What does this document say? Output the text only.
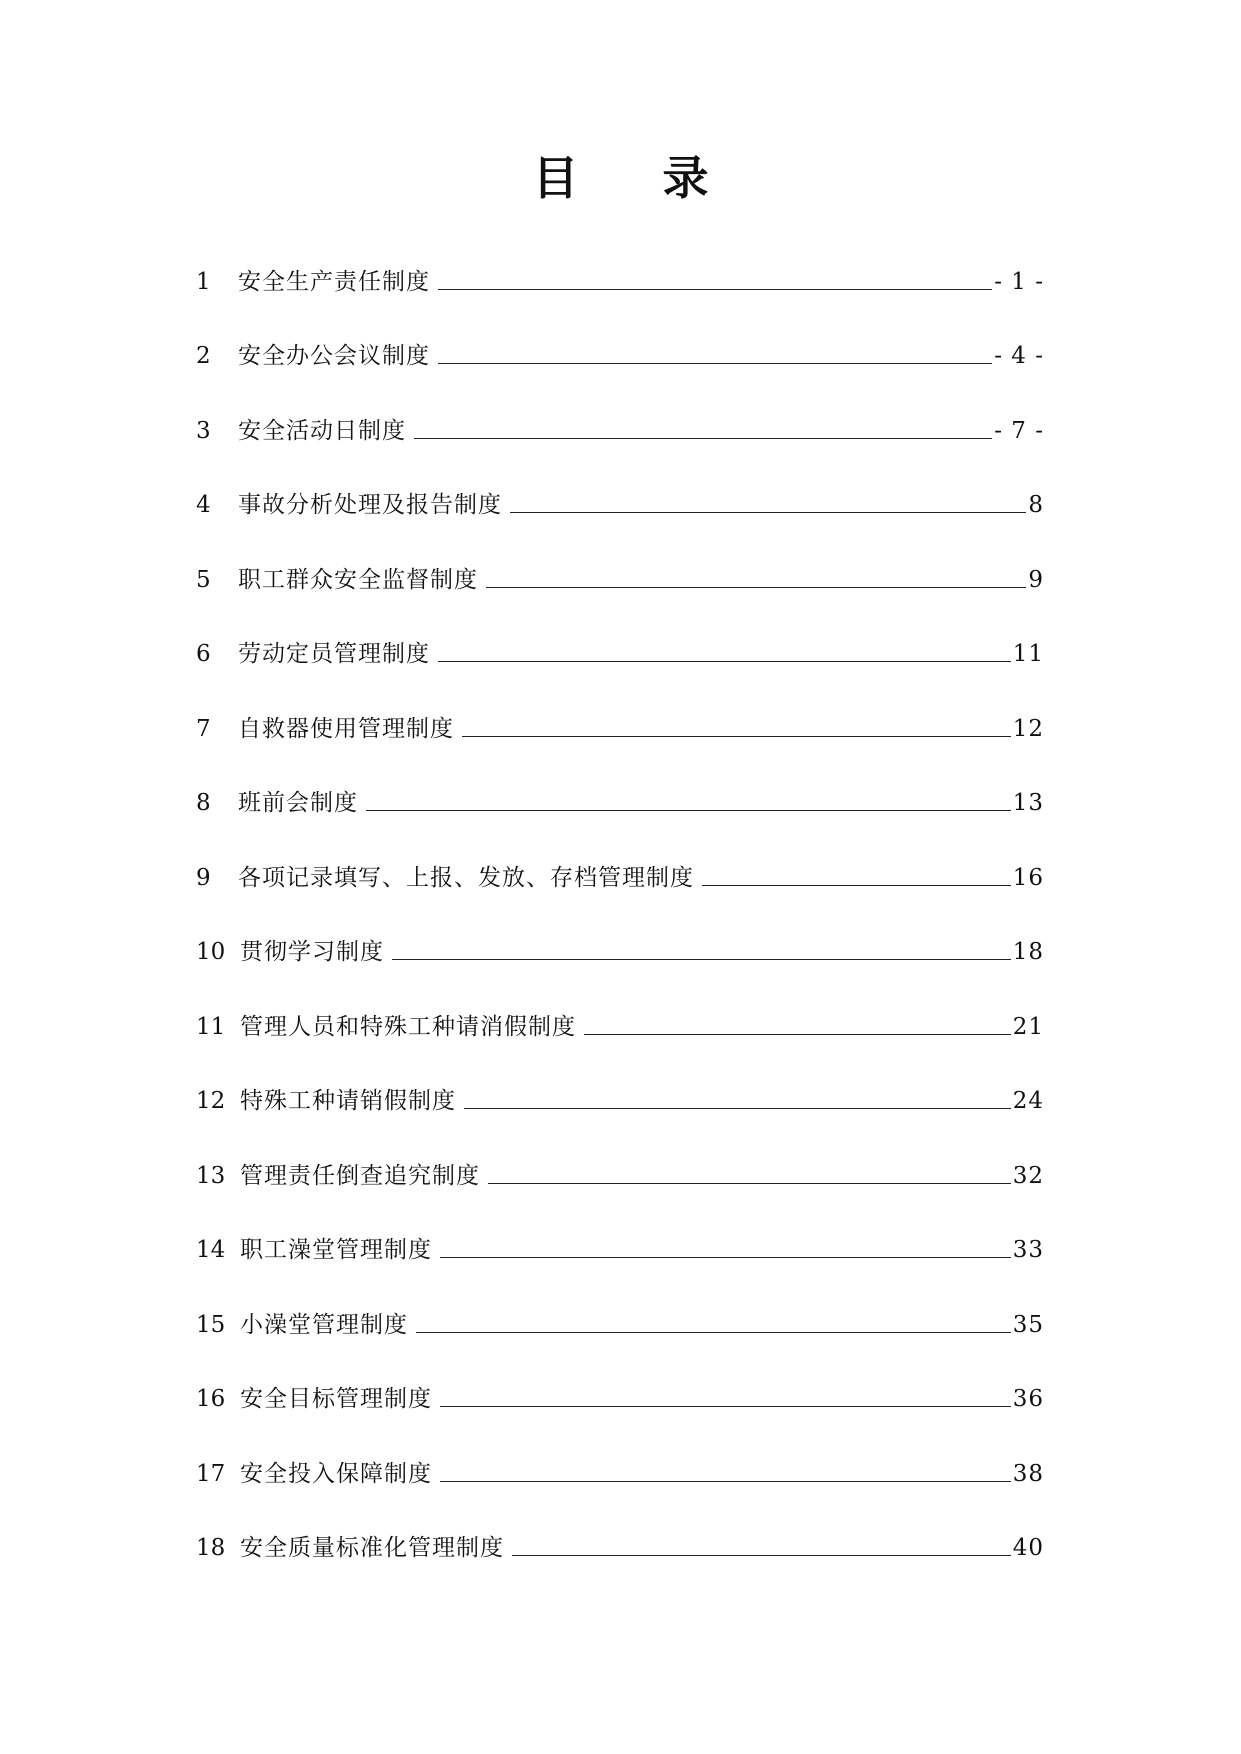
目 录
1	安全生产责任制度	- 1 -
2	安全办公会议制度	- 4 -
3	安全活动日制度	- 7 -
4	事故分析处理及报告制度	8
5	职工群众安全监督制度	9
6	劳动定员管理制度	11
7	自救器使用管理制度	12
8	班前会制度	13
9	各项记录填写、上报、发放、存档管理制度	16
10 贯彻学习制度	18
11 管理人员和特殊工种请消假制度	21
12 特殊工种请销假制度	24
13 管理责任倒查追究制度	32
14 职工澡堂管理制度	33
15 小澡堂管理制度	35
16 安全目标管理制度	36
17 安全投入保障制度	38
18 安全质量标准化管理制度	40
